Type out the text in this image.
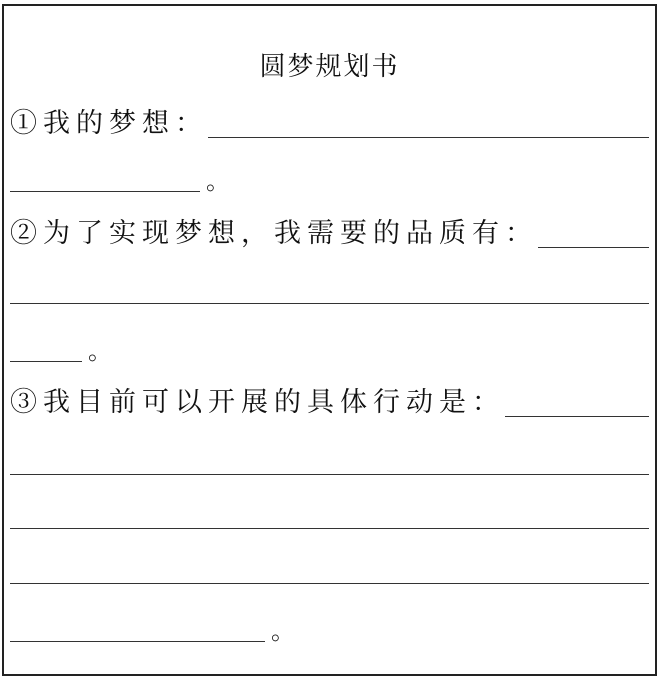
圆梦规划书
①我的梦想：
。
②为了实现梦想，我需要的品质有：
。
③我目前可以开展的具体行动是：
。
